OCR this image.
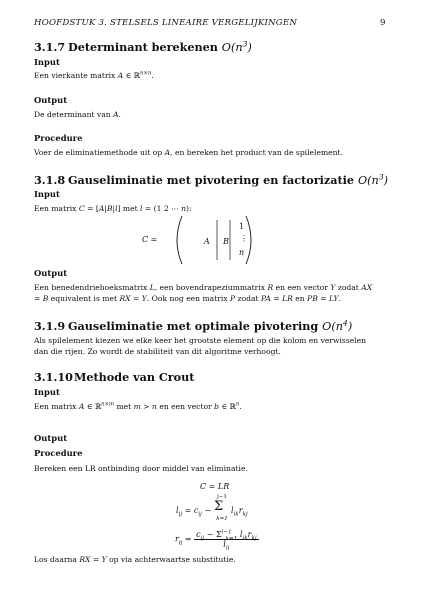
HOOFDSTUK 3. STELSELS LINEAIRE VERGELIJKINGEN	9
3.1.7 Determinant berekenen $O(n^3)$
Input
Een vierkante matrix A ∈ ℝ$^{n\times n}$.
Output
De determinant van A.
Procedure
Voer de eliminatiemethode uit op A, en bereken het product van de spilelement.
3.1.8 Gauseliminatie met pivotering en factorizatie $O(n^3)$
Input
Een matrix C = [A|B|l] met l = (1 2 ⋯ n):
C =	A B
1
⋮
n
Output
Een benedendriehoeksmatrix L, een bovendrapeziummatrix R en een vector Y zodat AX = B equivalent is met RX = Y. Ook nog een matrix P zodat PA = LR en PB = LY.
3.1.9 Gauseliminatie met optimale pivotering $O(n^4)$
Als spilelement kiezen we elke keer het grootste element op die kolom en verwisselen dan die rijen. Zo wordt de stabiliteit van dit algoritme verhoogt.
3.1.10Methode van Crout
Input
Een matrix A ∈ ℝ$^{n\times m}$ met m > n en een vector b ∈ ℝ$^n$.
Output
Procedure
Bereken een LR ontbinding door middel van eliminatie.
C = LR
$l_{ij} = c_{ij}$ −
j−1
Σ
k=1
$l_{ik}r_{kj}$
$r_{ij} = \frac{c_{ij} - \Sigma^{i-1}_{k=1} l_{ik}r_{kj}}{l_{ii}}$
Los daarna RX = Y op via achterwaartse substitutie.
